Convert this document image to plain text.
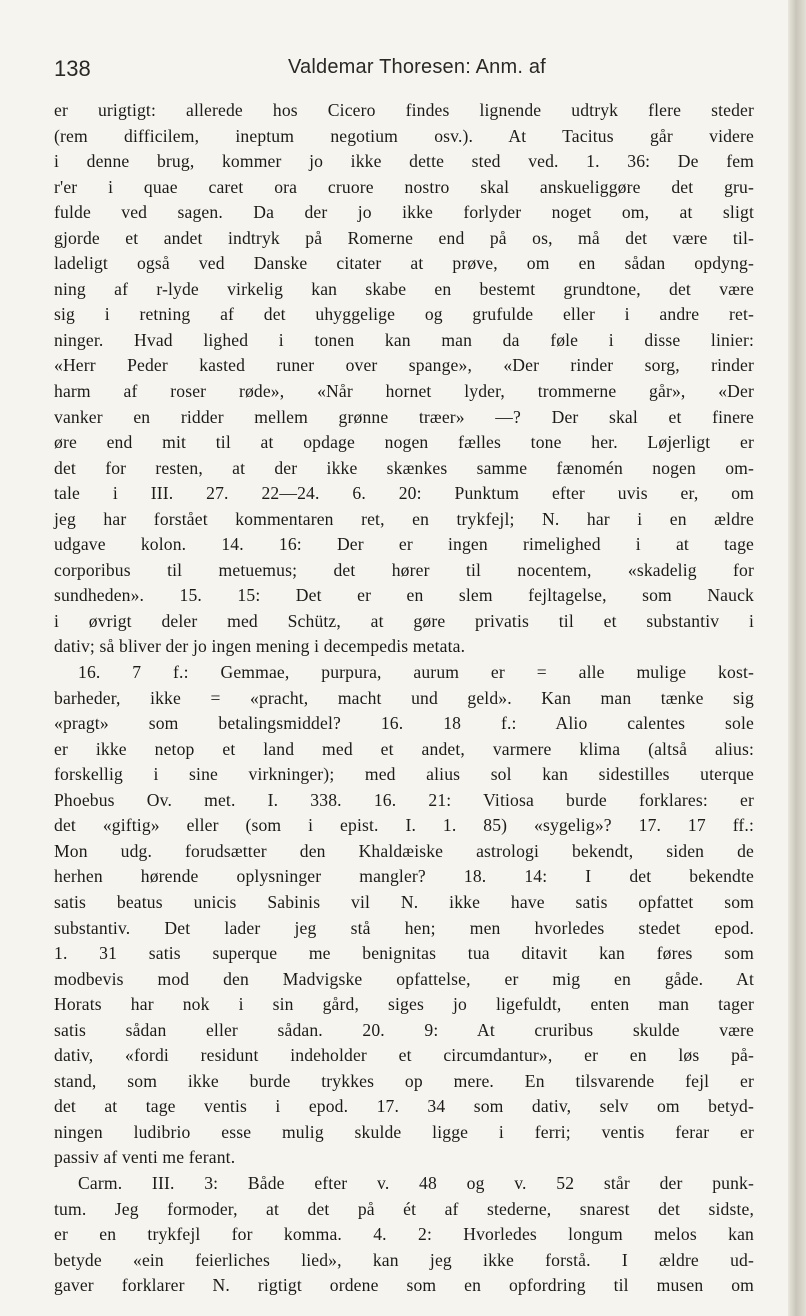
138	Valdemar Thoresen: Anm. af
er urigtigt: allerede hos Cicero findes lignende udtryk flere steder
(rem difficilem, ineptum negotium osv.). At Tacitus går videre
i denne brug, kommer jo ikke dette sted ved. 1. 36: De fem
r'er i quae caret ora cruore nostro skal anskueliggøre det gru-
fulde ved sagen. Da der jo ikke forlyder noget om, at sligt
gjorde et andet indtryk på Romerne end på os, må det være til-
ladeligt også ved Danske citater at prøve, om en sådan opdyng-
ning af r-lyde virkelig kan skabe en bestemt grundtone, det være
sig i retning af det uhyggelige og grufulde eller i andre ret-
ninger. Hvad lighed i tonen kan man da føle i disse linier:
«Herr Peder kasted runer over spange», «Der rinder sorg, rinder
harm af roser røde», «Når hornet lyder, trommerne går», «Der
vanker en ridder mellem grønne træer» —? Der skal et finere
øre end mit til at opdage nogen fælles tone her. Løjerligt er
det for resten, at der ikke skænkes samme fænomén nogen om-
tale i III. 27. 22—24. 6. 20: Punktum efter uvis er, om
jeg har forstået kommentaren ret, en trykfejl; N. har i en ældre
udgave kolon. 14. 16: Der er ingen rimelighed i at tage
corporibus til metuemus; det hører til nocentem, «skadelig for
sundheden». 15. 15: Det er en slem fejltagelse, som Nauck
i øvrigt deler med Schütz, at gøre privatis til et substantiv i
dativ; så bliver der jo ingen mening i decempedis metata.
16. 7 f.: Gemmae, purpura, aurum er = alle mulige kost-
barheder, ikke = «pracht, macht und geld». Kan man tænke sig
«pragt» som betalingsmiddel? 16. 18 f.: Alio calentes sole
er ikke netop et land med et andet, varmere klima (altså alius:
forskellig i sine virkninger); med alius sol kan sidestilles uterque
Phoebus Ov. met. I. 338. 16. 21: Vitiosa burde forklares: er
det «giftig» eller (som i epist. I. 1. 85) «sygelig»? 17. 17 ff.:
Mon udg. forudsætter den Khaldæiske astrologi bekendt, siden de
herhen hørende oplysninger mangler? 18. 14: I det bekendte
satis beatus unicis Sabinis vil N. ikke have satis opfattet som
substantiv. Det lader jeg stå hen; men hvorledes stedet epod.
1. 31 satis superque me benignitas tua ditavit kan føres som
modbevis mod den Madvigske opfattelse, er mig en gåde. At
Horats har nok i sin gård, siges jo ligefuldt, enten man tager
satis sådan eller sådan. 20. 9: At cruribus skulde være
dativ, «fordi residunt indeholder et circumdantur», er en løs på-
stand, som ikke burde trykkes op mere. En tilsvarende fejl er
det at tage ventis i epod. 17. 34 som dativ, selv om betyd-
ningen ludibrio esse mulig skulde ligge i ferri; ventis ferar er
passiv af venti me ferant.
Carm. III. 3: Både efter v. 48 og v. 52 står der punk-
tum. Jeg formoder, at det på ét af stederne, snarest det sidste,
er en trykfejl for komma. 4. 2: Hvorledes longum melos kan
betyde «ein feierliches lied», kan jeg ikke forstå. I ældre ud-
gaver forklarer N. rigtigt ordene som en opfordring til musen om
